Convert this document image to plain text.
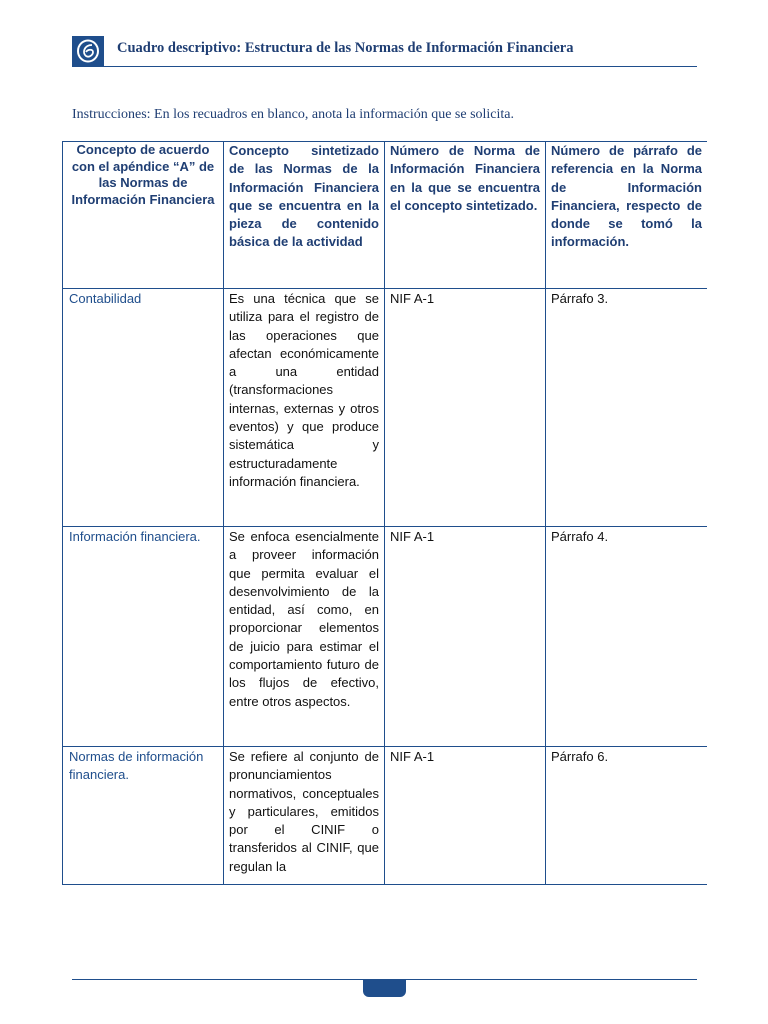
Cuadro descriptivo: Estructura de las Normas de Información Financiera
Instrucciones: En los recuadros en blanco, anota la información que se solicita.
Concepto de acuerdo con el apéndice “A” de las Normas de Información Financiera	Concepto sintetizado de las Normas de la Información Financiera que se encuentra en la pieza de contenido básica de la actividad	Número de Norma de Información Financiera en la que se encuentra el concepto sintetizado.	Número de párrafo de referencia en la Norma de Información Financiera, respecto de donde se tomó la información.
Contabilidad	Es una técnica que se utiliza para el registro de las operaciones que afectan económicamente a una entidad (transformaciones internas, externas y otros eventos) y que produce sistemática y estructuradamente información financiera.	NIF A-1	Párrafo 3.
Información financiera.	Se enfoca esencialmente a proveer información que permita evaluar el desenvolvimiento de la entidad, así como, en proporcionar elementos de juicio para estimar el comportamiento futuro de los flujos de efectivo, entre otros aspectos.	NIF A-1	Párrafo 4.
Normas de información financiera.	Se refiere al conjunto de pronunciamientos normativos, conceptuales y particulares, emitidos por el CINIF o transferidos al CINIF, que regulan la	NIF A-1	Párrafo 6.
